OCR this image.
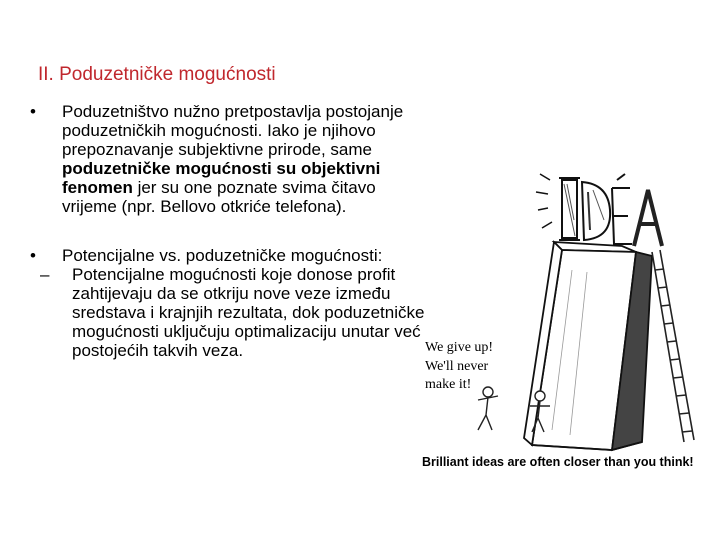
II. Poduzetničke mogućnosti
•	Poduzetništvo nužno pretpostavlja postojanje poduzetničkih mogućnosti. Iako je njihovo prepoznavanje subjektivne prirode, same poduzetničke mogućnosti su objektivni fenomen jer su one poznate svima čitavo vrijeme (npr. Bellovo otkriće telefona).
•	Potencijalne vs. poduzetničke mogućnosti:
– Potencijalne mogućnosti koje donose profit zahtijevaju da se otkriju nove veze između sredstava i krajnjih rezultata, dok poduzetničke mogućnosti uključuju optimalizaciju unutar već postojećih takvih veza.	We give up!
We'll never
make it!
Brilliant ideas are often closer than you think!
